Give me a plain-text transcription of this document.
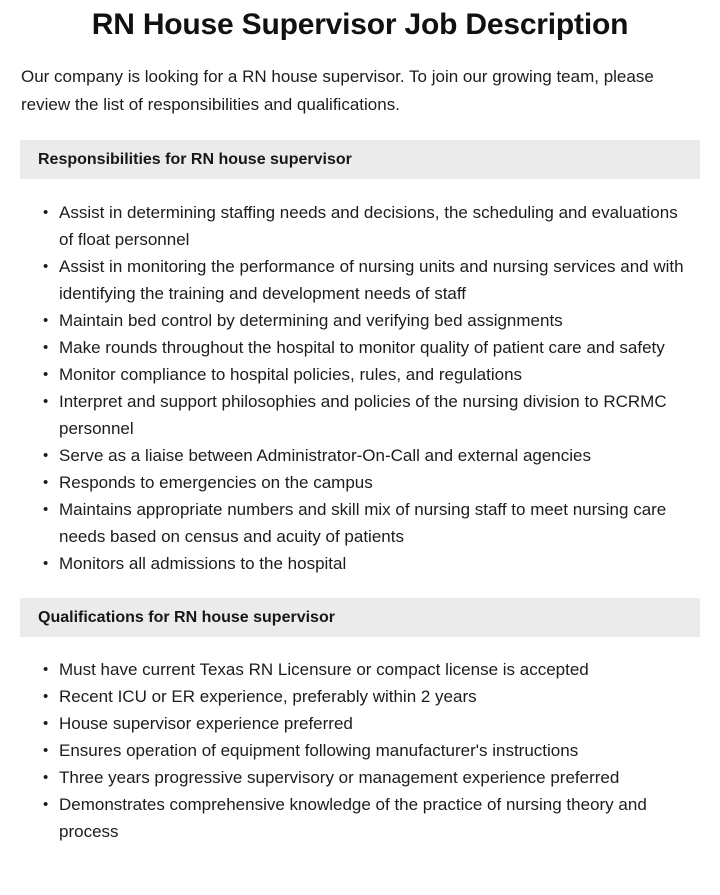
RN House Supervisor Job Description

Our company is looking for a RN house supervisor. To join our growing team, please review the list of responsibilities and qualifications.

Responsibilities for RN house supervisor
• Assist in determining staffing needs and decisions, the scheduling and evaluations of float personnel
• Assist in monitoring the performance of nursing units and nursing services and with identifying the training and development needs of staff
• Maintain bed control by determining and verifying bed assignments
• Make rounds throughout the hospital to monitor quality of patient care and safety
• Monitor compliance to hospital policies, rules, and regulations
• Interpret and support philosophies and policies of the nursing division to RCRMC personnel
• Serve as a liaise between Administrator-On-Call and external agencies
• Responds to emergencies on the campus
• Maintains appropriate numbers and skill mix of nursing staff to meet nursing care needs based on census and acuity of patients
• Monitors all admissions to the hospital
Qualifications for RN house supervisor
• Must have current Texas RN Licensure or compact license is accepted
• Recent ICU or ER experience, preferably within 2 years
• House supervisor experience preferred
• Ensures operation of equipment following manufacturer's instructions
• Three years progressive supervisory or management experience preferred
• Demonstrates comprehensive knowledge of the practice of nursing theory and process
